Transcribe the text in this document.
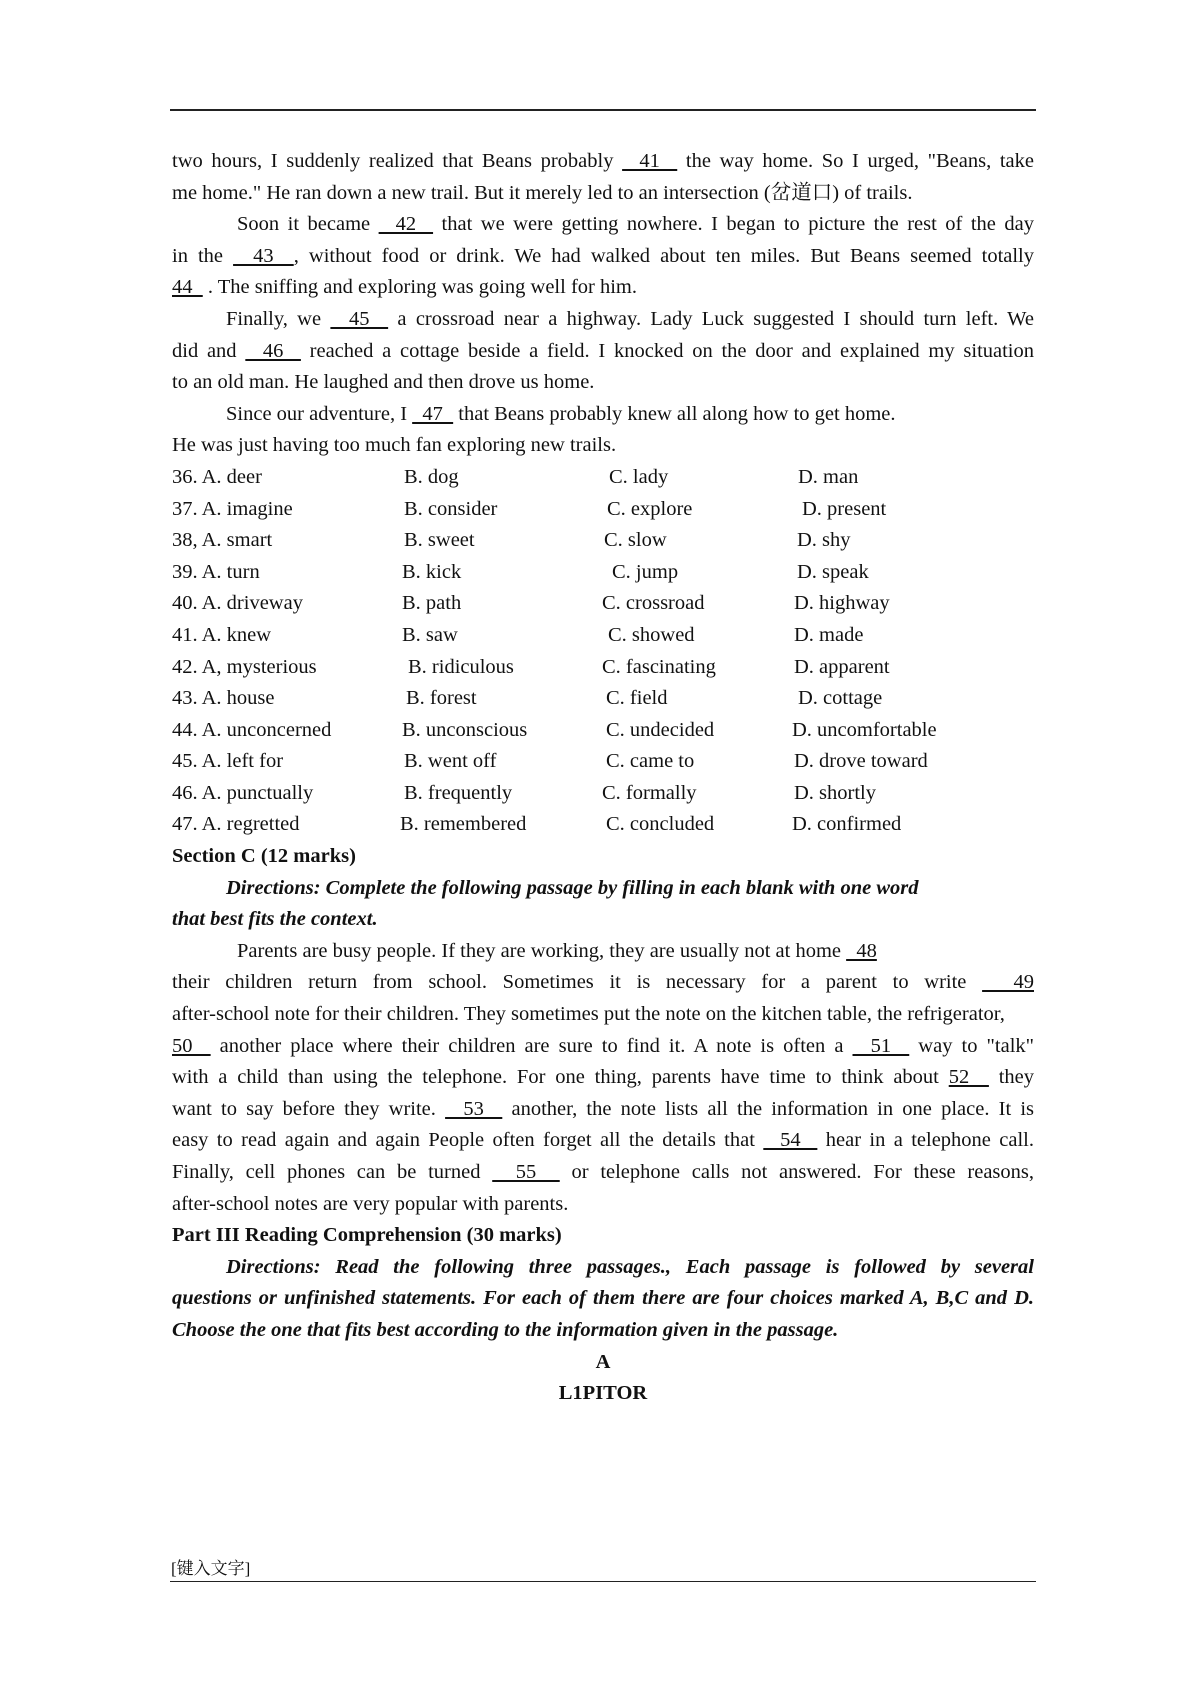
two hours, I suddenly realized that Beans probably   41   the way home. So I urged, "Beans, take
me home." He ran down a new trail. But it merely led to an intersection (岔道口) of trails.
Soon it became   42   that we were getting nowhere. I began to picture the rest of the day
in the   43  , without food or drink. We had walked about ten miles. But Beans seemed totally
44   . The sniffing and exploring was going well for him.
Finally, we   45   a crossroad near a highway. Lady Luck suggested I should turn left. We
did and   46   reached a cottage beside a field. I knocked on the door and explained my situation
to an old man. He laughed and then drove us home.
Since our adventure, I   47   that Beans probably knew all along how to get home.
He was just having too much fan exploring new trails.
36. A. deer	B. dog	C. lady	D. man
37. A. imagine	B. consider	C. explore	D. present
38, A. smart	B. sweet	C. slow	D. shy
39. A. turn	B. kick	C. jump	D. speak
40. A. driveway	B. path	C. crossroad	D. highway
41. A. knew	B. saw	C. showed	D. made
42. A, mysterious	B. ridiculous	C. fascinating	D. apparent
43. A. house	B. forest	C. field	D. cottage
44. A. unconcerned	B. unconscious	C. undecided	D. uncomfortable
45. A. left for	B. went off	C. came to	D. drove toward
46. A. punctually	B. frequently	C. formally	D. shortly
47. A. regretted	B. remembered	C. concluded	D. confirmed
Section C (12 marks)
Directions: Complete the following passage by filling in each blank with one word
that best fits the context.
Parents are busy people. If they are working, they are usually not at home   48
their children return from school. Sometimes it is necessary for a parent to write   49
after-school note for their children. They sometimes put the note on the kitchen table, the refrigerator,
50   another place where their children are sure to find it. A note is often a   51   way to "talk"
with a child than using the telephone. For one thing, parents have time to think about 52   they
want to say before they write.   53   another, the note lists all the information in one place. It is
easy to read again and again People often forget all the details that   54   hear in a telephone call.
Finally, cell phones can be turned   55   or telephone calls not answered. For these reasons,
after-school notes are very popular with parents.
Part III Reading Comprehension (30 marks)
Directions: Read the following three passages., Each passage is followed by several
questions or unfinished statements. For each of them there are four choices marked A, B,C and D.
Choose the one that fits best according to the information given in the passage.
A
L1PITOR
[键入文字]
